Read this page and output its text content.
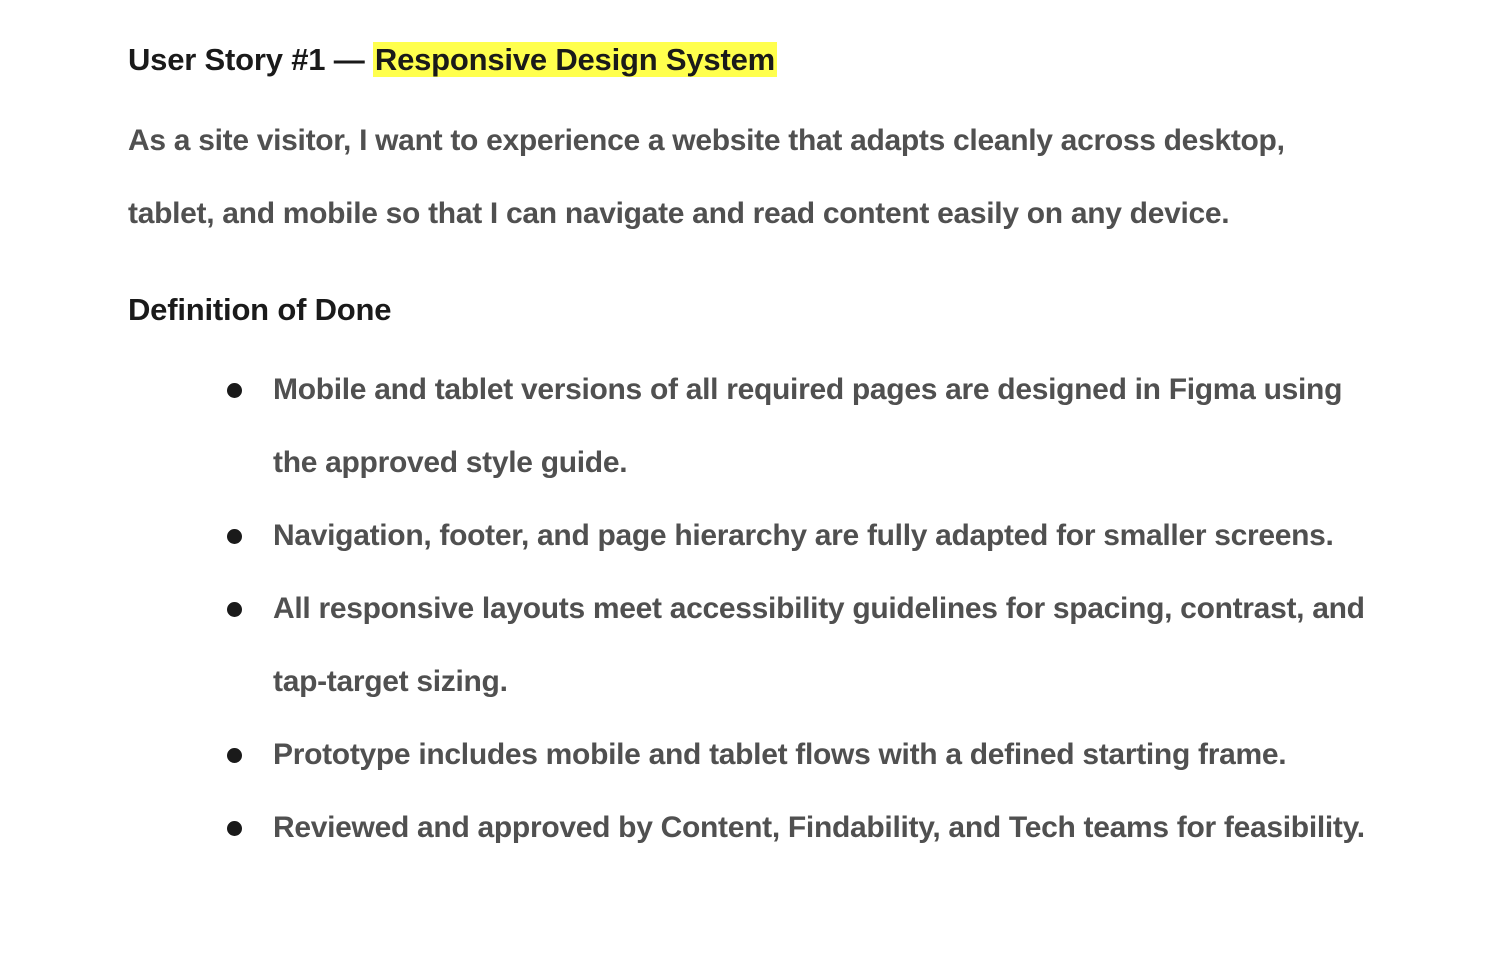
User Story #1 — Responsive Design System

As a site visitor, I want to experience a website that adapts cleanly across desktop, tablet, and mobile so that I can navigate and read content easily on any device.

Definition of Done
Mobile and tablet versions of all required pages are designed in Figma using the approved style guide.
Navigation, footer, and page hierarchy are fully adapted for smaller screens.
All responsive layouts meet accessibility guidelines for spacing, contrast, and tap-target sizing.
Prototype includes mobile and tablet flows with a defined starting frame.
Reviewed and approved by Content, Findability, and Tech teams for feasibility.
